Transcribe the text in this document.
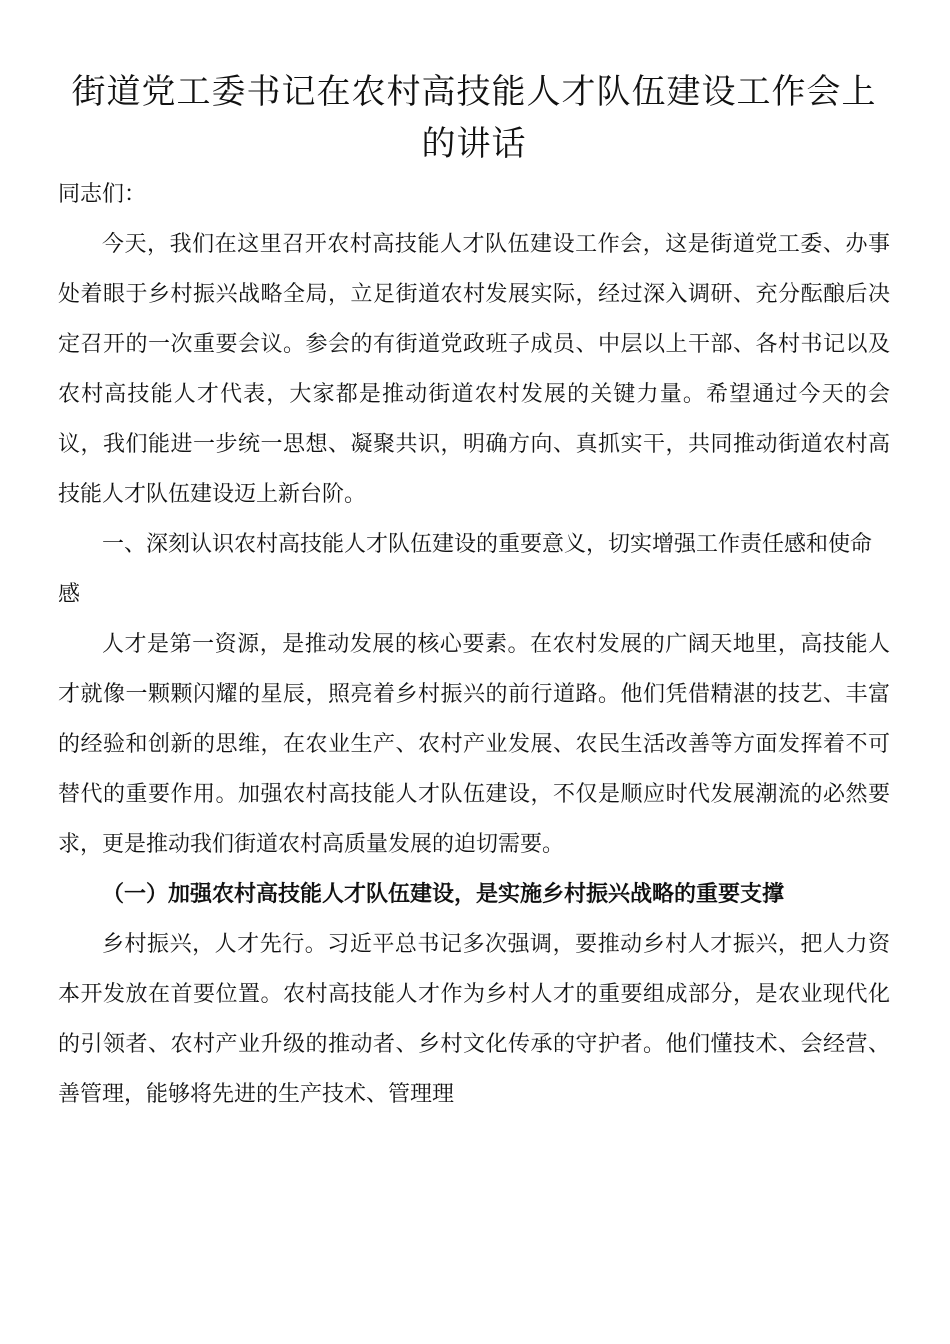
街道党工委书记在农村高技能人才队伍建设工作会上的讲话

同志们：

今天，我们在这里召开农村高技能人才队伍建设工作会，这是街道党工委、办事处着眼于乡村振兴战略全局，立足街道农村发展实际，经过深入调研、充分酝酿后决定召开的一次重要会议。参会的有街道党政班子成员、中层以上干部、各村书记以及农村高技能人才代表，大家都是推动街道农村发展的关键力量。希望通过今天的会议，我们能进一步统一思想、凝聚共识，明确方向、真抓实干，共同推动街道农村高技能人才队伍建设迈上新台阶。

一、深刻认识农村高技能人才队伍建设的重要意义，切实增强工作责任感和使命感

人才是第一资源，是推动发展的核心要素。在农村发展的广阔天地里，高技能人才就像一颗颗闪耀的星辰，照亮着乡村振兴的前行道路。他们凭借精湛的技艺、丰富的经验和创新的思维，在农业生产、农村产业发展、农民生活改善等方面发挥着不可替代的重要作用。加强农村高技能人才队伍建设，不仅是顺应时代发展潮流的必然要求，更是推动我们街道农村高质量发展的迫切需要。

（一）加强农村高技能人才队伍建设，是实施乡村振兴战略的重要支撑

乡村振兴，人才先行。习近平总书记多次强调，要推动乡村人才振兴，把人力资本开发放在首要位置。农村高技能人才作为乡村人才的重要组成部分，是农业现代化的引领者、农村产业升级的推动者、乡村文化传承的守护者。他们懂技术、会经营、善管理，能够将先进的生产技术、管理理
